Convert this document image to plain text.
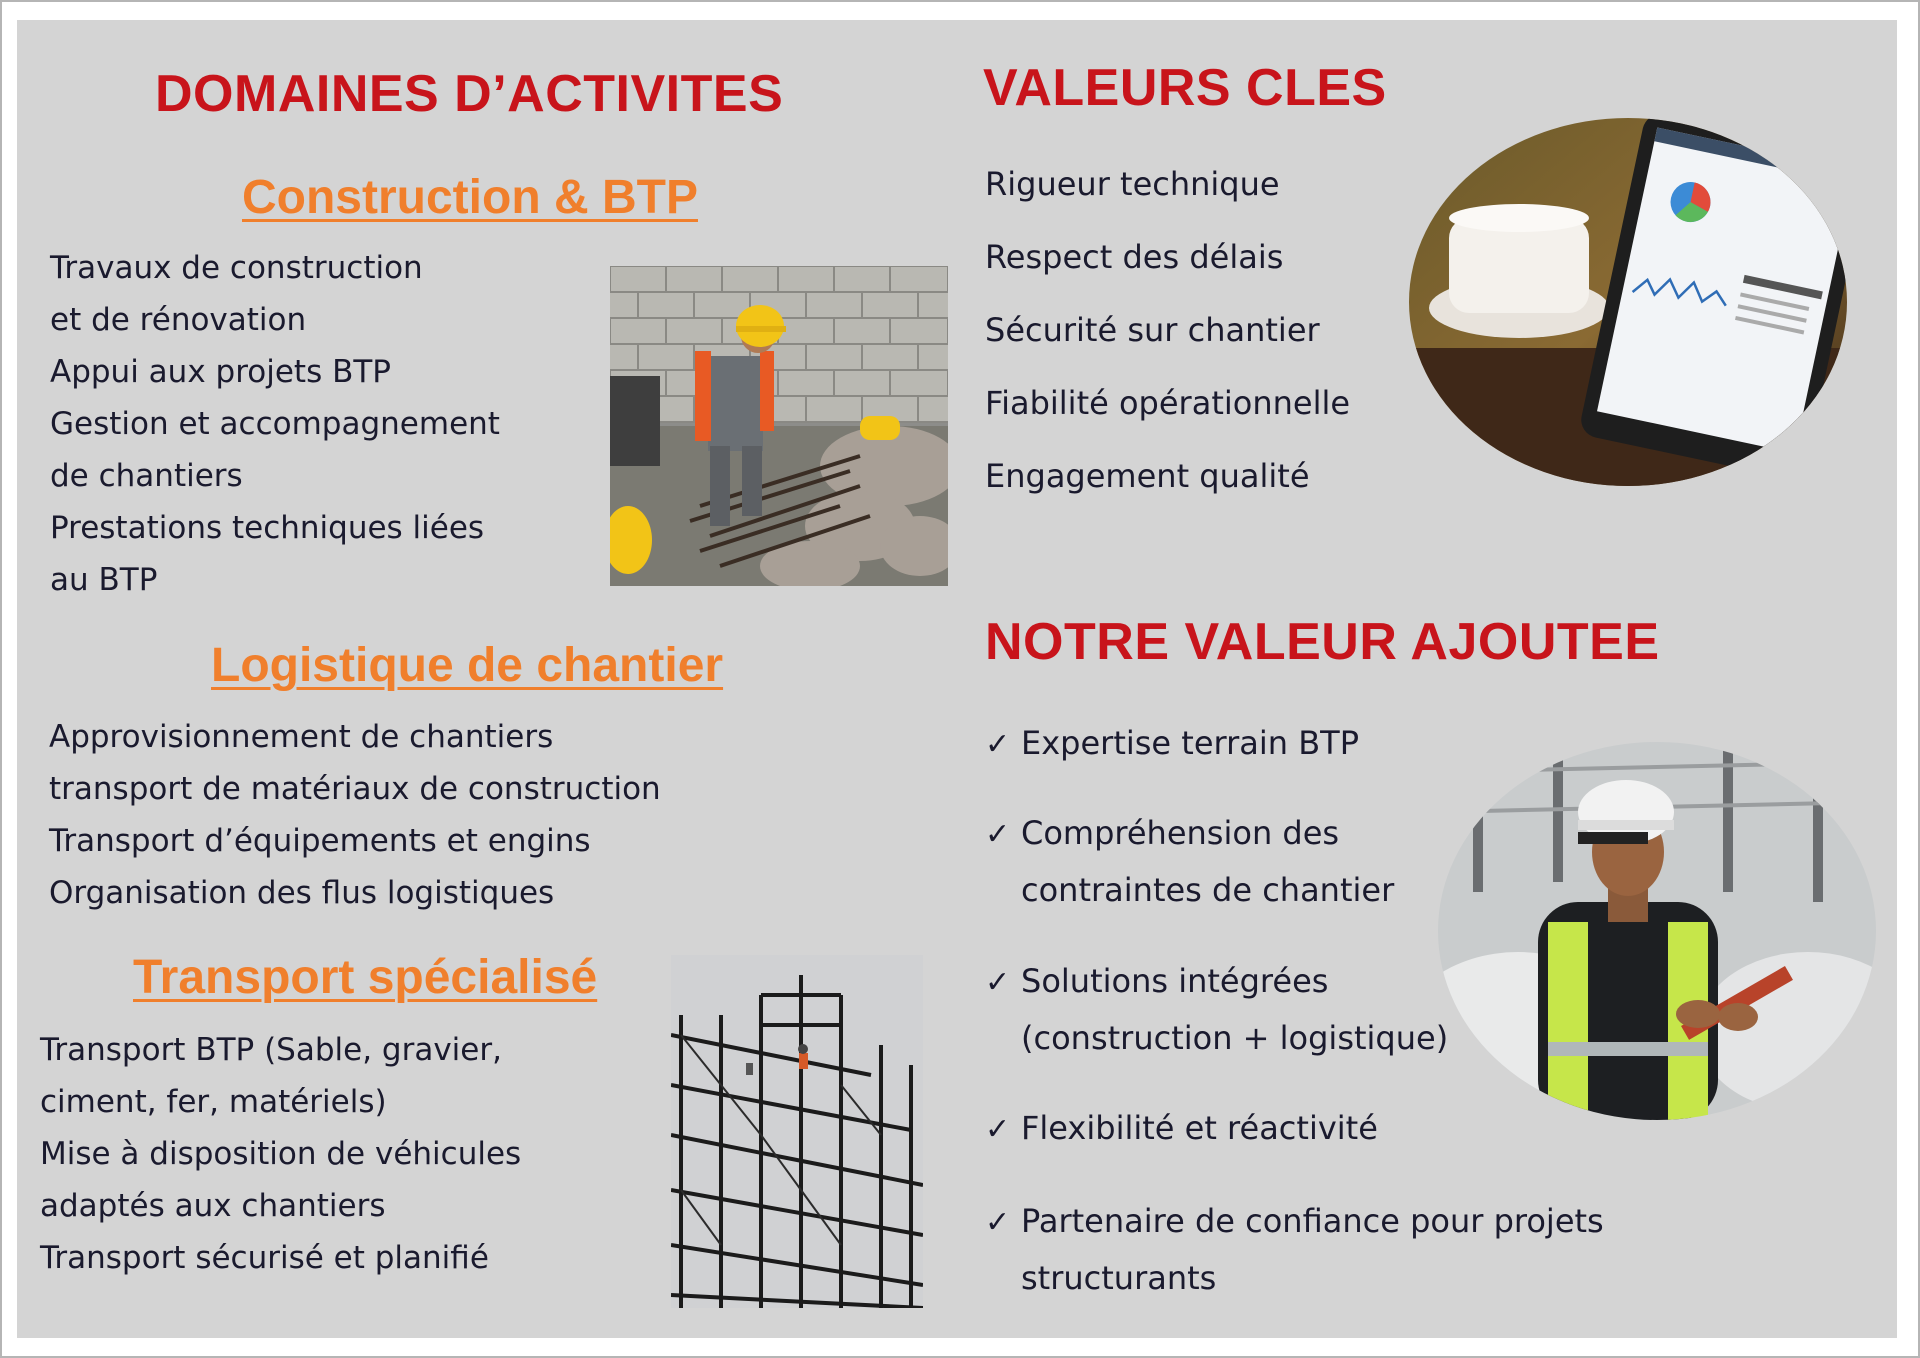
DOMAINES D’ACTIVITES
Construction & BTP
Travaux de construction
et de rénovation
Appui aux projets BTP
Gestion et accompagnement
de chantiers
Prestations techniques liées
au BTP
Logistique de chantier
Approvisionnement de chantiers
transport de matériaux de construction
Transport d’équipements et engins
Organisation des flus logistiques
Transport spécialisé
Transport BTP (Sable, gravier,
ciment, fer, matériels)
Mise à disposition de véhicules
adaptés aux chantiers
Transport sécurisé et planifié
VALEURS CLES
Rigueur technique
Respect des délais
Sécurité sur chantier
Fiabilité opérationnelle
Engagement qualité
NOTRE VALEUR AJOUTEE
✓ Expertise terrain BTP
✓ Compréhension des
contraintes de chantier
✓ Solutions intégrées
(construction + logistique)
✓ Flexibilité et réactivité
✓ Partenaire de confiance pour projets
structurants
